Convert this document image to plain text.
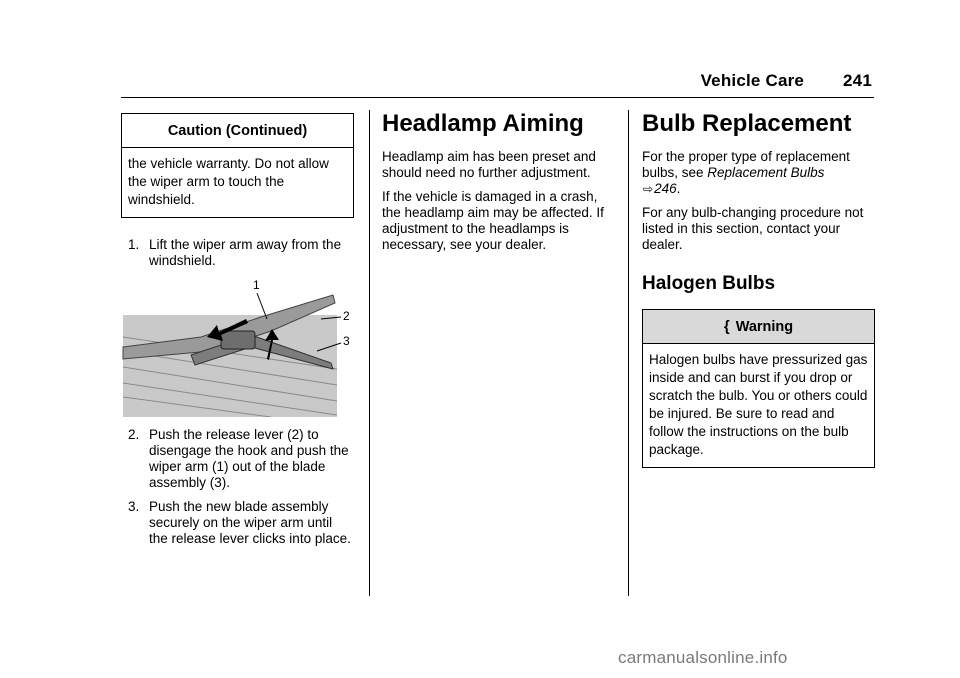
Vehicle Care 241
Caution (Continued)
the vehicle warranty. Do not allow the wiper arm to touch the windshield.
1. Lift the wiper arm away from the windshield.
1
2
3
2. Push the release lever (2) to disengage the hook and push the wiper arm (1) out of the blade assembly (3).
3. Push the new blade assembly securely on the wiper arm until the release lever clicks into place.
Headlamp Aiming

Headlamp aim has been preset and should need no further adjustment.

If the vehicle is damaged in a crash, the headlamp aim may be affected. If adjustment to the headlamps is necessary, see your dealer.

Bulb Replacement

For the proper type of replacement bulbs, see Replacement Bulbs ⇨246.

For any bulb-changing procedure not listed in this section, contact your dealer.

Halogen Bulbs
{ Warning
Halogen bulbs have pressurized gas inside and can burst if you drop or scratch the bulb. You or others could be injured. Be sure to read and follow the instructions on the bulb package.
carmanualsonline.info
